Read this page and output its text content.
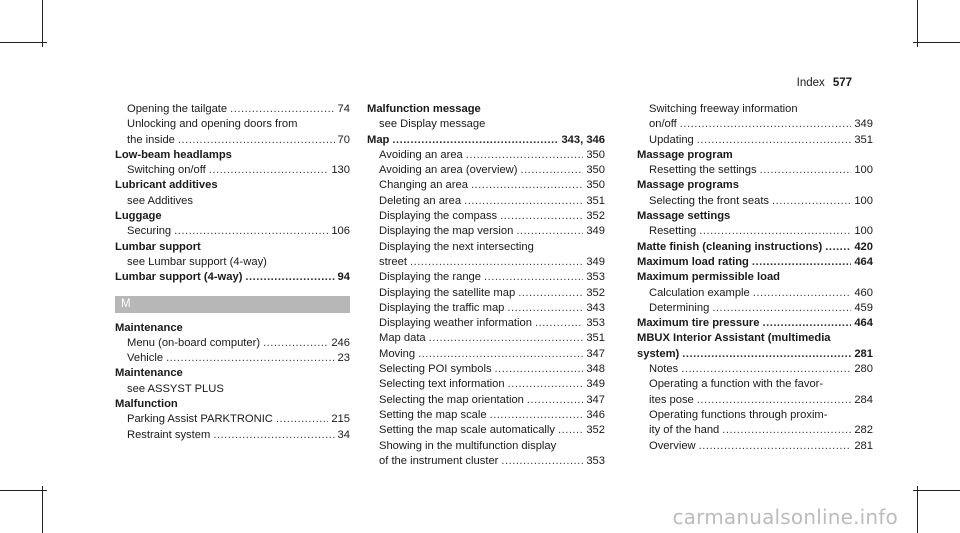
Index 577
Opening the tailgate .....	74
Unlocking and opening doors from
the inside .....	70
Low-beam headlamps
Switching on/off .....	130
Lubricant additives
see Additives
Luggage
Securing .....	106
Lumbar support
see Lumbar support (4-way)
Lumbar support (4-way) .....	94
M
Maintenance
Menu (on-board computer) .....	246
Vehicle .....	23
Maintenance
see ASSYST PLUS
Malfunction
Parking Assist PARKTRONIC .....	215
Restraint system .....	34
Malfunction message
see Display message
Map .....	343, 346
Avoiding an area .....	350
Avoiding an area (overview) .....	350
Changing an area .....	350
Deleting an area .....	351
Displaying the compass .....	352
Displaying the map version .....	349
Displaying the next intersecting
street .....	349
Displaying the range .....	353
Displaying the satellite map .....	352
Displaying the traffic map .....	343
Displaying weather information .....	353
Map data .....	351
Moving .....	347
Selecting POI symbols .....	348
Selecting text information .....	349
Selecting the map orientation .....	347
Setting the map scale .....	346
Setting the map scale automatically .....	352
Showing in the multifunction display
of the instrument cluster .....	353
Switching freeway information
on/off .....	349
Updating .....	351
Massage program
Resetting the settings .....	100
Massage programs
Selecting the front seats .....	100
Massage settings
Resetting .....	100
Matte finish (cleaning instructions) .....	420
Maximum load rating .....	464
Maximum permissible load
Calculation example .....	460
Determining .....	459
Maximum tire pressure .....	464
MBUX Interior Assistant (multimedia
system) .....	281
Notes .....	280
Operating a function with the favor-
ites pose .....	284
Operating functions through proxim-
ity of the hand .....	282
Overview .....	281
carmanualsonline.info
